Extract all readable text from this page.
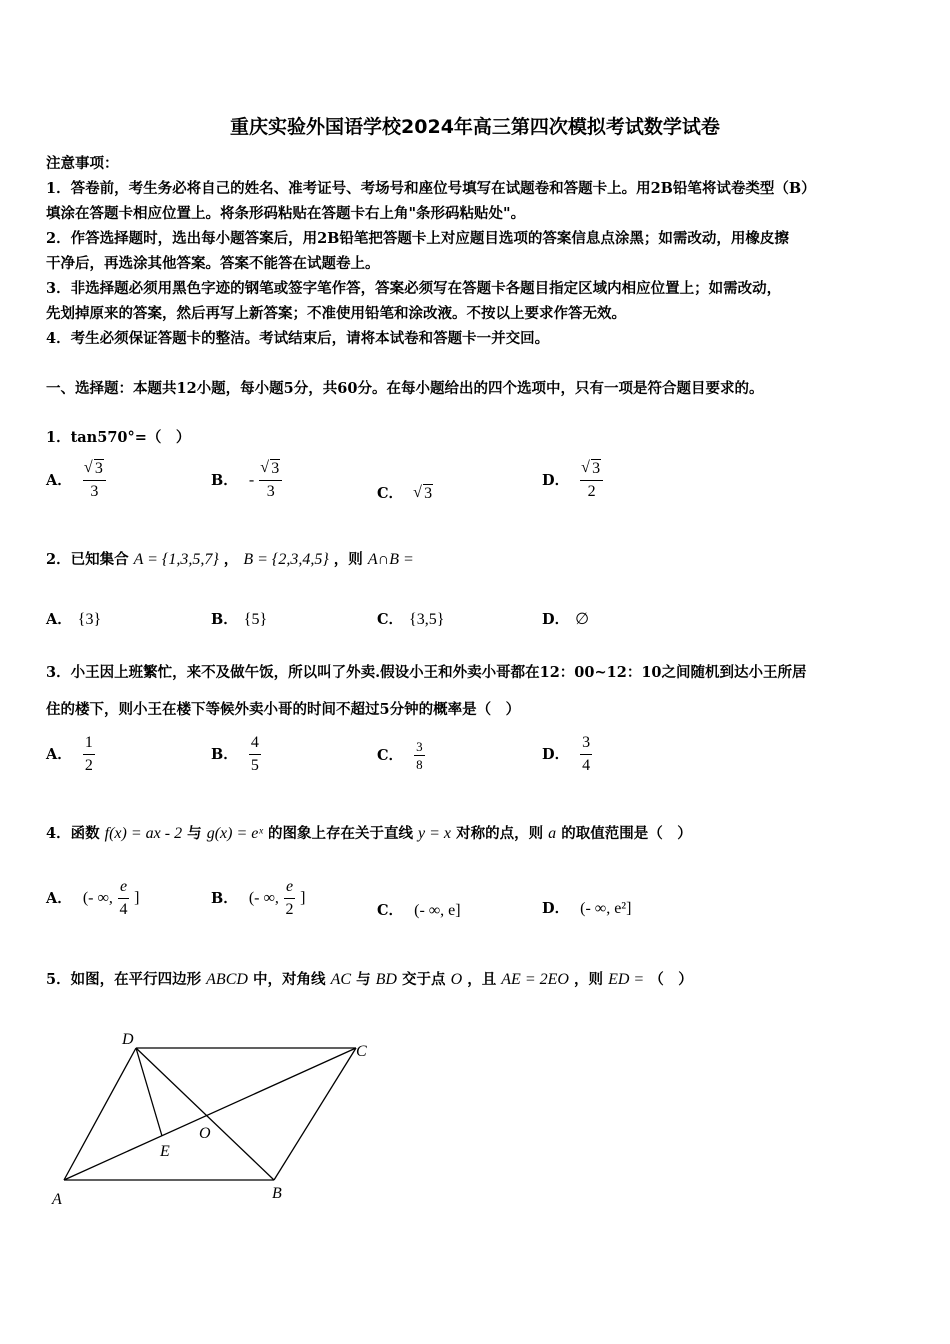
重庆实验外国语学校2024年高三第四次模拟考试数学试卷
注意事项：
1．答卷前，考生务必将自己的姓名、准考证号、考场号和座位号填写在试题卷和答题卡上。用2B铅笔将试卷类型（B）
填涂在答题卡相应位置上。将条形码粘贴在答题卡右上角"条形码粘贴处"。
2．作答选择题时，选出每小题答案后，用2B铅笔把答题卡上对应题目选项的答案信息点涂黑；如需改动，用橡皮擦
干净后，再选涂其他答案。答案不能答在试题卷上。
3．非选择题必须用黑色字迹的钢笔或签字笔作答，答案必须写在答题卡各题目指定区域内相应位置上；如需改动，
先划掉原来的答案，然后再写上新答案；不准使用铅笔和涂改液。不按以上要求作答无效。
4．考生必须保证答题卡的整洁。考试结束后，请将本试卷和答题卡一并交回。
一、选择题：本题共12小题，每小题5分，共60分。在每小题给出的四个选项中，只有一项是符合题目要求的。
1．tan570°=（　）
A． √ $\frac{3}{3}$	B． - √ $\frac{3}{3}$	C． √ 3
D． √ $\frac{3}{2}$
2．已知集合 A = {1,3,5,7} ， B = {2,3,4,5} ，则 A∩B =
A． {3}	B． {5}	C． {3,5}	D． ∅
3．小王因上班繁忙，来不及做午饭，所以叫了外卖.假设小王和外卖小哥都在12：00~12：10之间随机到达小王所居
住的楼下，则小王在楼下等候外卖小哥的时间不超过5分钟的概率是（　）
A． $\frac{1}{2}$	B． $\frac{4}{5}$	C． $\frac{3}{8}$	D． $\frac{3}{4}$
4．函数 f(x) = ax - 2 与 g(x) = eˣ 的图象上存在关于直线 y = x 对称的点，则 a 的取值范围是（　）
A． (- ∞, $\frac{e}{4}$ ]	B． (- ∞, $\frac{e}{2}$ ]
C． (- ∞, e]	D． (- ∞, e²]
5．如图，在平行四边形 ABCD 中，对角线 AC 与 BD 交于点 O ，且 AE = 2EO ，则 ED = （　）
D
C
O
E
A	B
